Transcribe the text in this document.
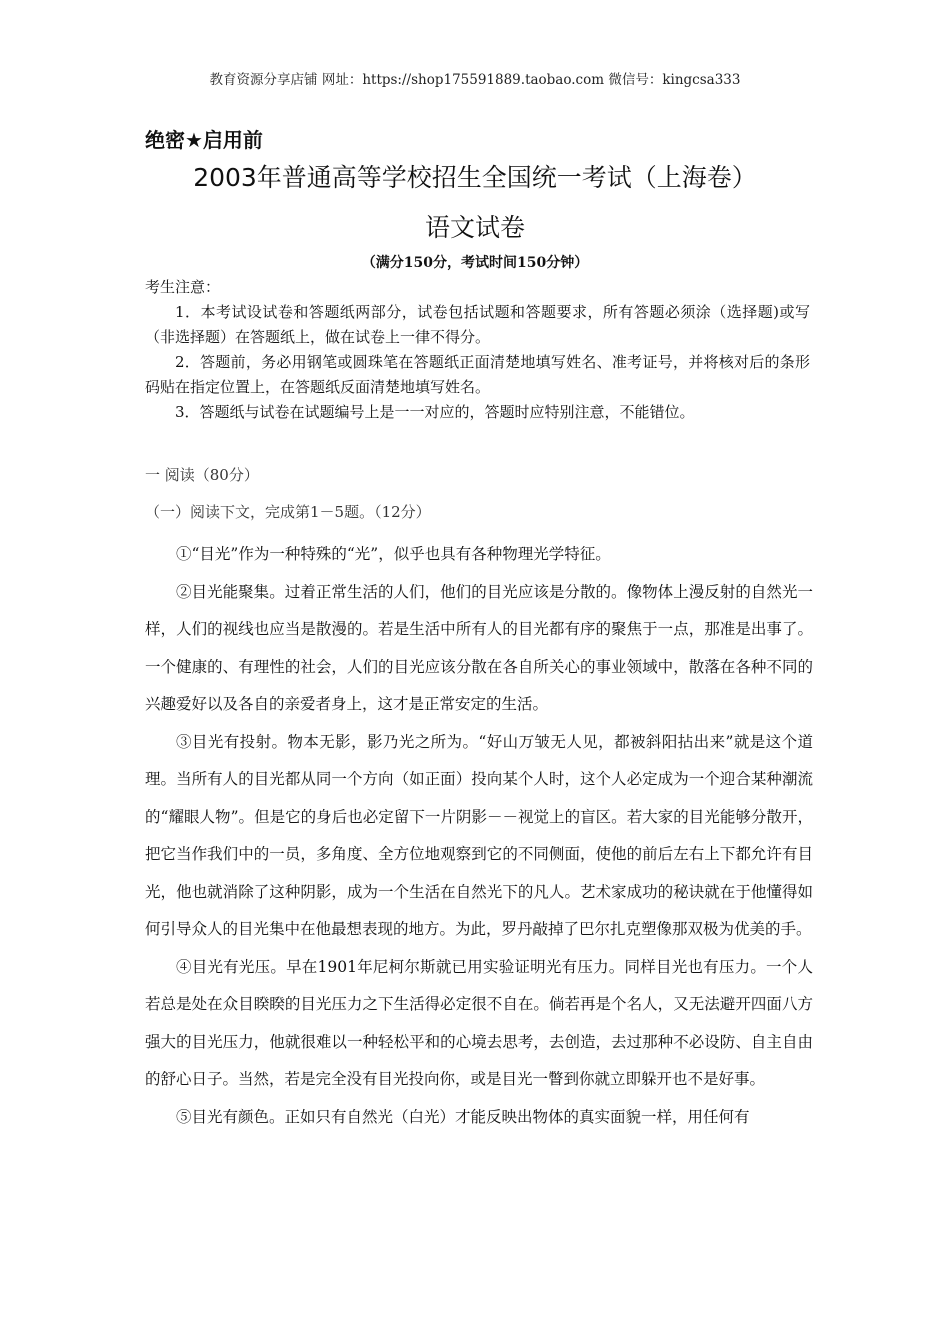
教育资源分享店铺 网址：https://shop175591889.taobao.com 微信号：kingcsa333
绝密★启用前
2003年普通高等学校招生全国统一考试（上海卷）
语文试卷
（满分150分，考试时间150分钟）
考生注意：

1．本考试设试卷和答题纸两部分，试卷包括试题和答题要求，所有答题必须涂（选择题)或写（非选择题）在答题纸上，做在试卷上一律不得分。

2．答题前，务必用钢笔或圆珠笔在答题纸正面清楚地填写姓名、准考证号，并将核对后的条形码贴在指定位置上，在答题纸反面清楚地填写姓名。

3．答题纸与试卷在试题编号上是一一对应的，答题时应特别注意，不能错位。

一 阅读（80分）
（一）阅读下文，完成第1－5题。（12分）

①“目光”作为一种特殊的“光”，似乎也具有各种物理光学特征。

②目光能聚集。过着正常生活的人们，他们的目光应该是分散的。像物体上漫反射的自然光一样，人们的视线也应当是散漫的。若是生活中所有人的目光都有序的聚焦于一点，那准是出事了。一个健康的、有理性的社会，人们的目光应该分散在各自所关心的事业领域中，散落在各种不同的兴趣爱好以及各自的亲爱者身上，这才是正常安定的生活。

③目光有投射。物本无影，影乃光之所为。“好山万皱无人见，都被斜阳拈出来”就是这个道理。当所有人的目光都从同一个方向（如正面）投向某个人时，这个人必定成为一个迎合某种潮流的“耀眼人物”。但是它的身后也必定留下一片阴影－－视觉上的盲区。若大家的目光能够分散开，把它当作我们中的一员，多角度、全方位地观察到它的不同侧面，使他的前后左右上下都允许有目光，他也就消除了这种阴影，成为一个生活在自然光下的凡人。艺术家成功的秘诀就在于他懂得如何引导众人的目光集中在他最想表现的地方。为此，罗丹敲掉了巴尔扎克塑像那双极为优美的手。

④目光有光压。早在1901年尼柯尔斯就已用实验证明光有压力。同样目光也有压力。一个人若总是处在众目睽睽的目光压力之下生活得必定很不自在。倘若再是个名人，又无法避开四面八方强大的目光压力，他就很难以一种轻松平和的心境去思考，去创造，去过那种不必设防、自主自由的舒心日子。当然，若是完全没有目光投向你，或是目光一瞥到你就立即躲开也不是好事。

⑤目光有颜色。正如只有自然光（白光）才能反映出物体的真实面貌一样，用任何有
